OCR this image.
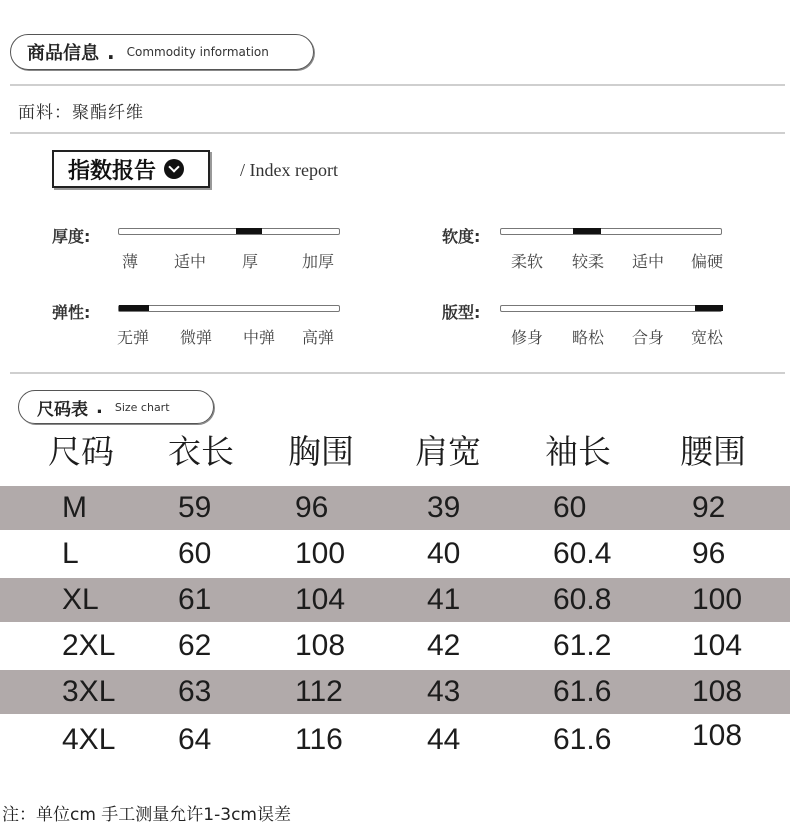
商品信息 . Commodity information
面料：聚酯纤维
指数报告	/ Index report
厚度:
薄	适中	厚	加厚
软度:
柔软	较柔	适中	偏硬
弹性:
无弹	微弹	中弹	高弹
版型:
修身	略松	合身	宽松
尺码表 . Size chart
尺码 衣长 胸围 肩宽 袖长 腰围
M	59	96	39	60	92
L	60	100	40	60.4	96
XL	61	104	41	60.8	100
2XL 62	108	42	61.2	104
3XL 63	112	43	61.6	108
4XL 64	116	44	61.6	108
注：单位cm 手工测量允许1-3cm误差
